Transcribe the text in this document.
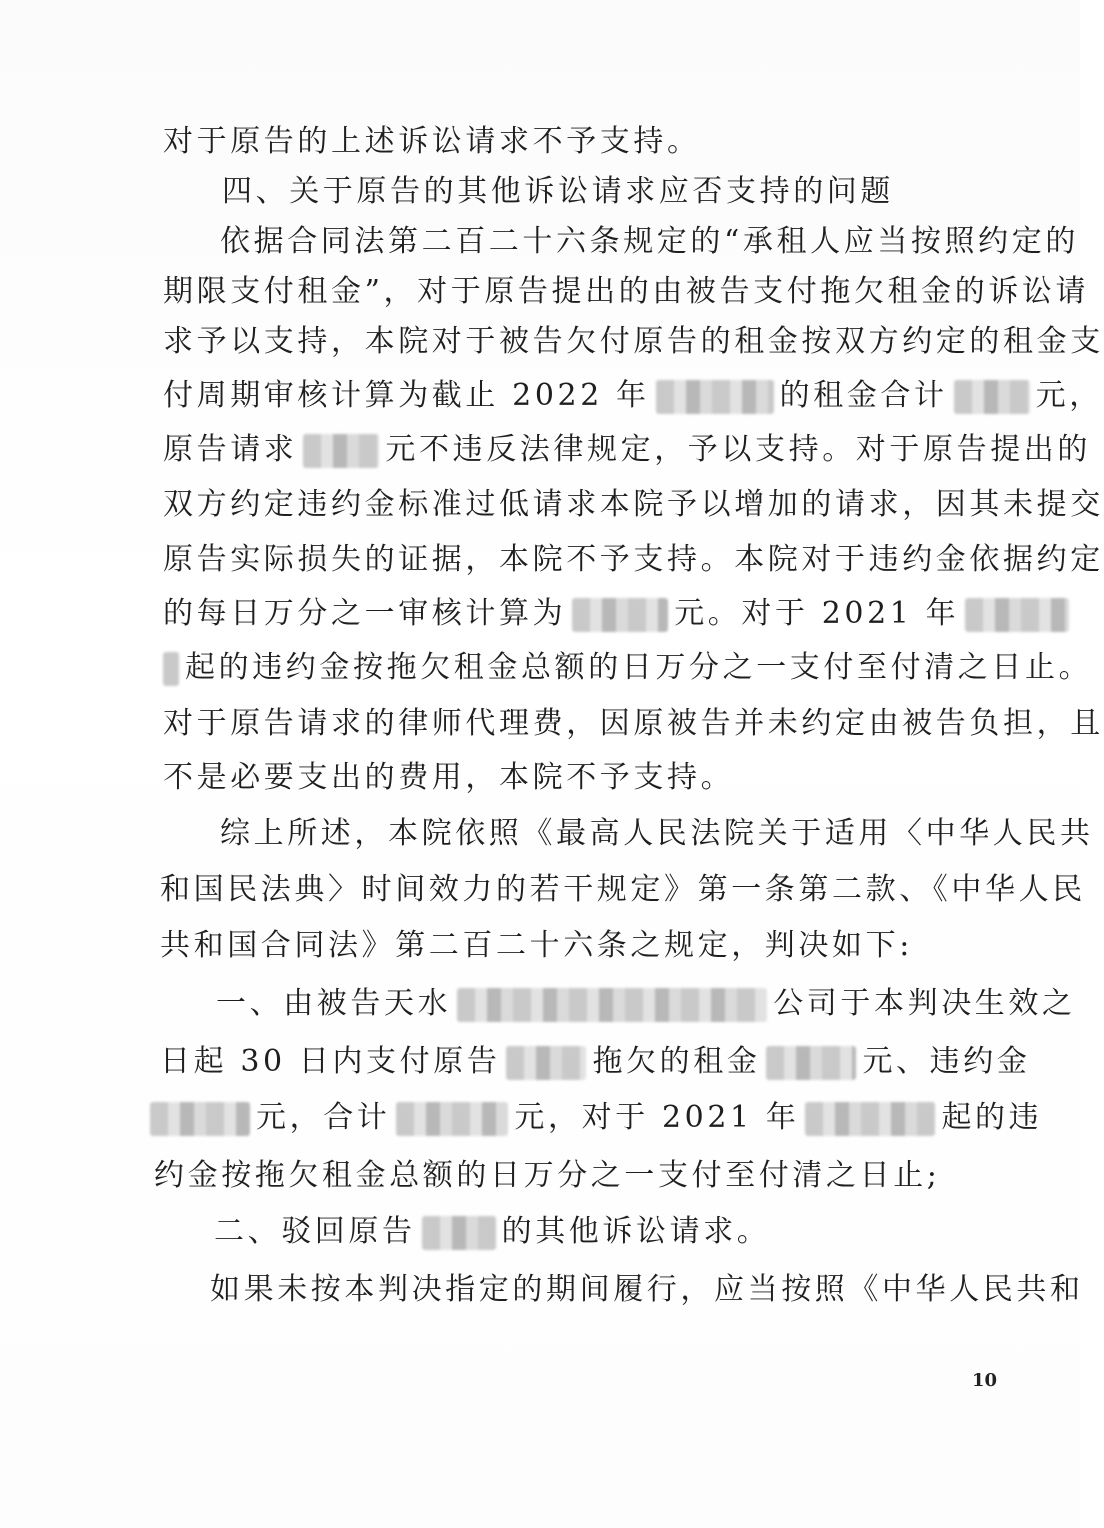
对于原告的上述诉讼请求不予支持。
四、关于原告的其他诉讼请求应否支持的问题
依据合同法第二百二十六条规定的“承租人应当按照约定的
期限支付租金”，对于原告提出的由被告支付拖欠租金的诉讼请
求予以支持，本院对于被告欠付原告的租金按双方约定的租金支
付周期审核计算为截止 2022 年	的租金合计	元，
原告请求	元不违反法律规定，予以支持。对于原告提出的
双方约定违约金标准过低请求本院予以增加的请求，因其未提交
原告实际损失的证据，本院不予支持。本院对于违约金依据约定
的每日万分之一审核计算为	元。对于 2021 年
起的违约金按拖欠租金总额的日万分之一支付至付清之日止。
对于原告请求的律师代理费，因原被告并未约定由被告负担，且
不是必要支出的费用，本院不予支持。
综上所述，本院依照《最高人民法院关于适用〈中华人民共
和国民法典〉时间效力的若干规定》第一条第二款、《中华人民
共和国合同法》第二百二十六条之规定，判决如下:
一、由被告天水	公司于本判决生效之
日起 30 日内支付原告	拖欠的租金	元、违约金
元，合计	元，对于 2021 年	起的违
约金按拖欠租金总额的日万分之一支付至付清之日止;
二、驳回原告	的其他诉讼请求。
如果未按本判决指定的期间履行，应当按照《中华人民共和
10
